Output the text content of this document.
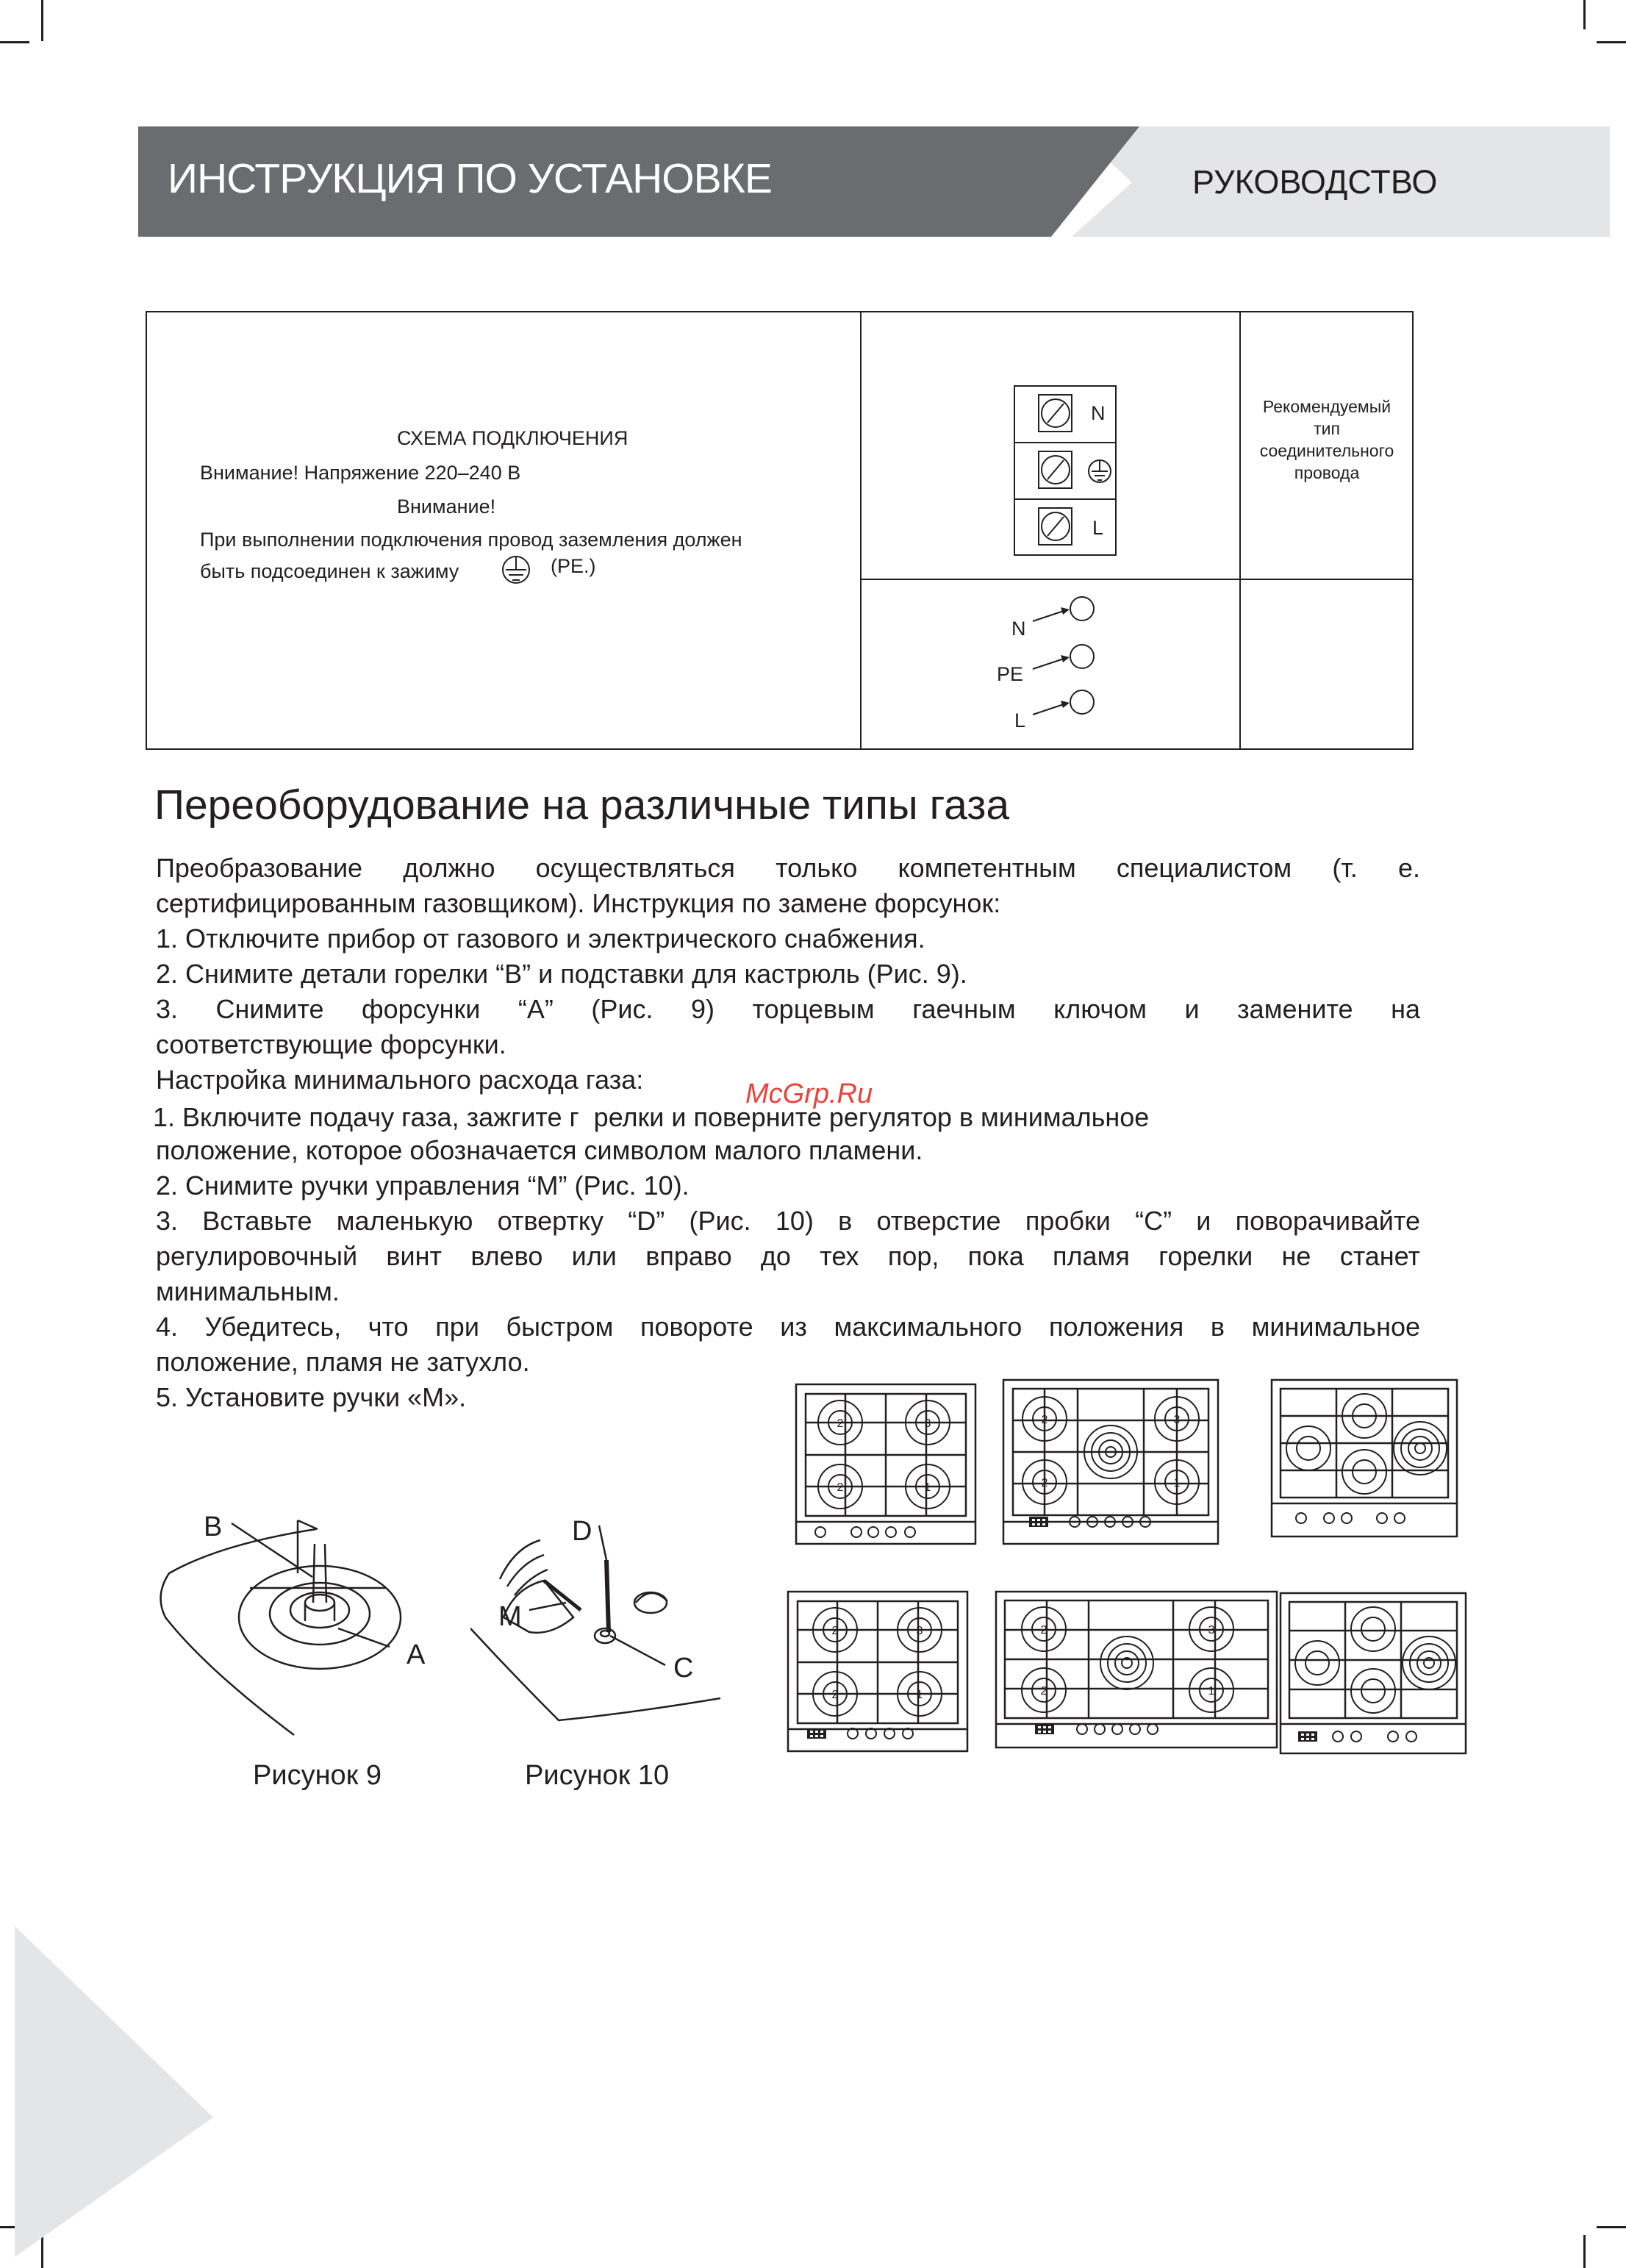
ИНСТРУКЦИЯ ПО УСТАНОВКЕ	РУКОВОДСТВО
СХЕМА ПОДКЛЮЧЕНИЯ
Внимание! Напряжение 220–240 В
Внимание!
При выполнении подключения провод заземления должен
быть подсоединен к зажиму	(PE.)
N
L
N
PE
L
Рекомендуемый
тип
соединительного
провода
Переоборудование на различные типы газа
Преобразование должно осуществляться только компетентным специалистом (т. е.
сертифицированным газовщиком). Инструкция по замене форсунок:
1. Отключите прибор от газового и электрического снабжения.
2. Снимите детали горелки “B” и подставки для кастрюль (Рис. 9).
3.  Снимите  форсунки  “A”  (Рис.  9)  торцевым  гаечным  ключом  и  замените  на
соответствующие форсунки.
Настройка минимального расхода газа:
1. Включите подачу газа, зажгите г  релки и поверните регулятор в минимальное
положение, которое обозначается символом малого пламени.
2. Снимите ручки управления “M” (Рис. 10).
3. Вставьте маленькую отвертку “D” (Рис. 10) в отверстие пробки “C” и поворачивайте
регулировочный  винт  влево  или  вправо  до  тех  пор,  пока  пламя  горелки  не  станет
минимальным.
4.  Убедитесь,  что  при  быстром  повороте  из  максимального  положения  в  минимальное
положение, пламя не затухло.
5. Установите ручки «M».
McGrp.Ru
B
A
Рисунок 9
D
M
C
Рисунок 10
2	3
2	1
2	3
2	1
2	3
2	1
2	3
2	1
